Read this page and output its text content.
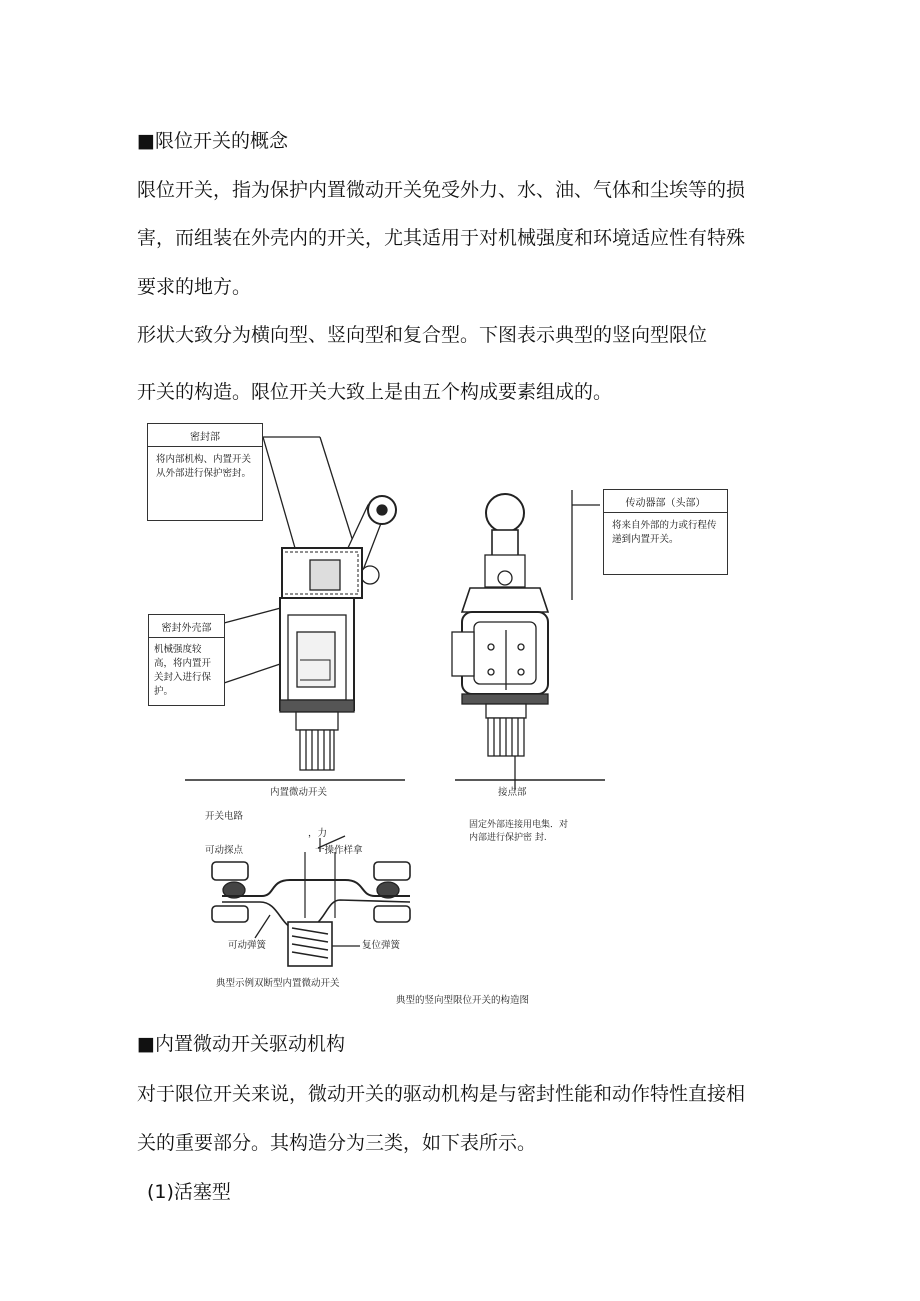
■限位开关的概念
限位开关，指为保护内置微动开关免受外力、水、油、气体和尘埃等的损
害，而组装在外壳内的开关，尤其适用于对机械强度和环境适应性有特殊
要求的地方。
形状大致分为横向型、竖向型和复合型。下图表示典型的竖向型限位
开关的构造。限位开关大致上是由五个构成要素组成的。
密封部
将内部机构、内置开关从外部进行保护密封。
密封外壳部
机械强度较高，将内置开关封入进行保护。
传动器部（头部）
将来自外部的力或行程传递到内置开关。
内置微动开关	接点部
固定外部连接用电集．对内部进行保护密 封.
开关电路
，力
一操作样拿
可动探点
可动弹簧	复位弹簧
典型示例双断型内置微动开关
典型的竖向型限位开关的构造图
■内置微动开关驱动机构
对于限位开关来说，微动开关的驱动机构是与密封性能和动作特性直接相
关的重要部分。其构造分为三类，如下表所示。
(1)活塞型
